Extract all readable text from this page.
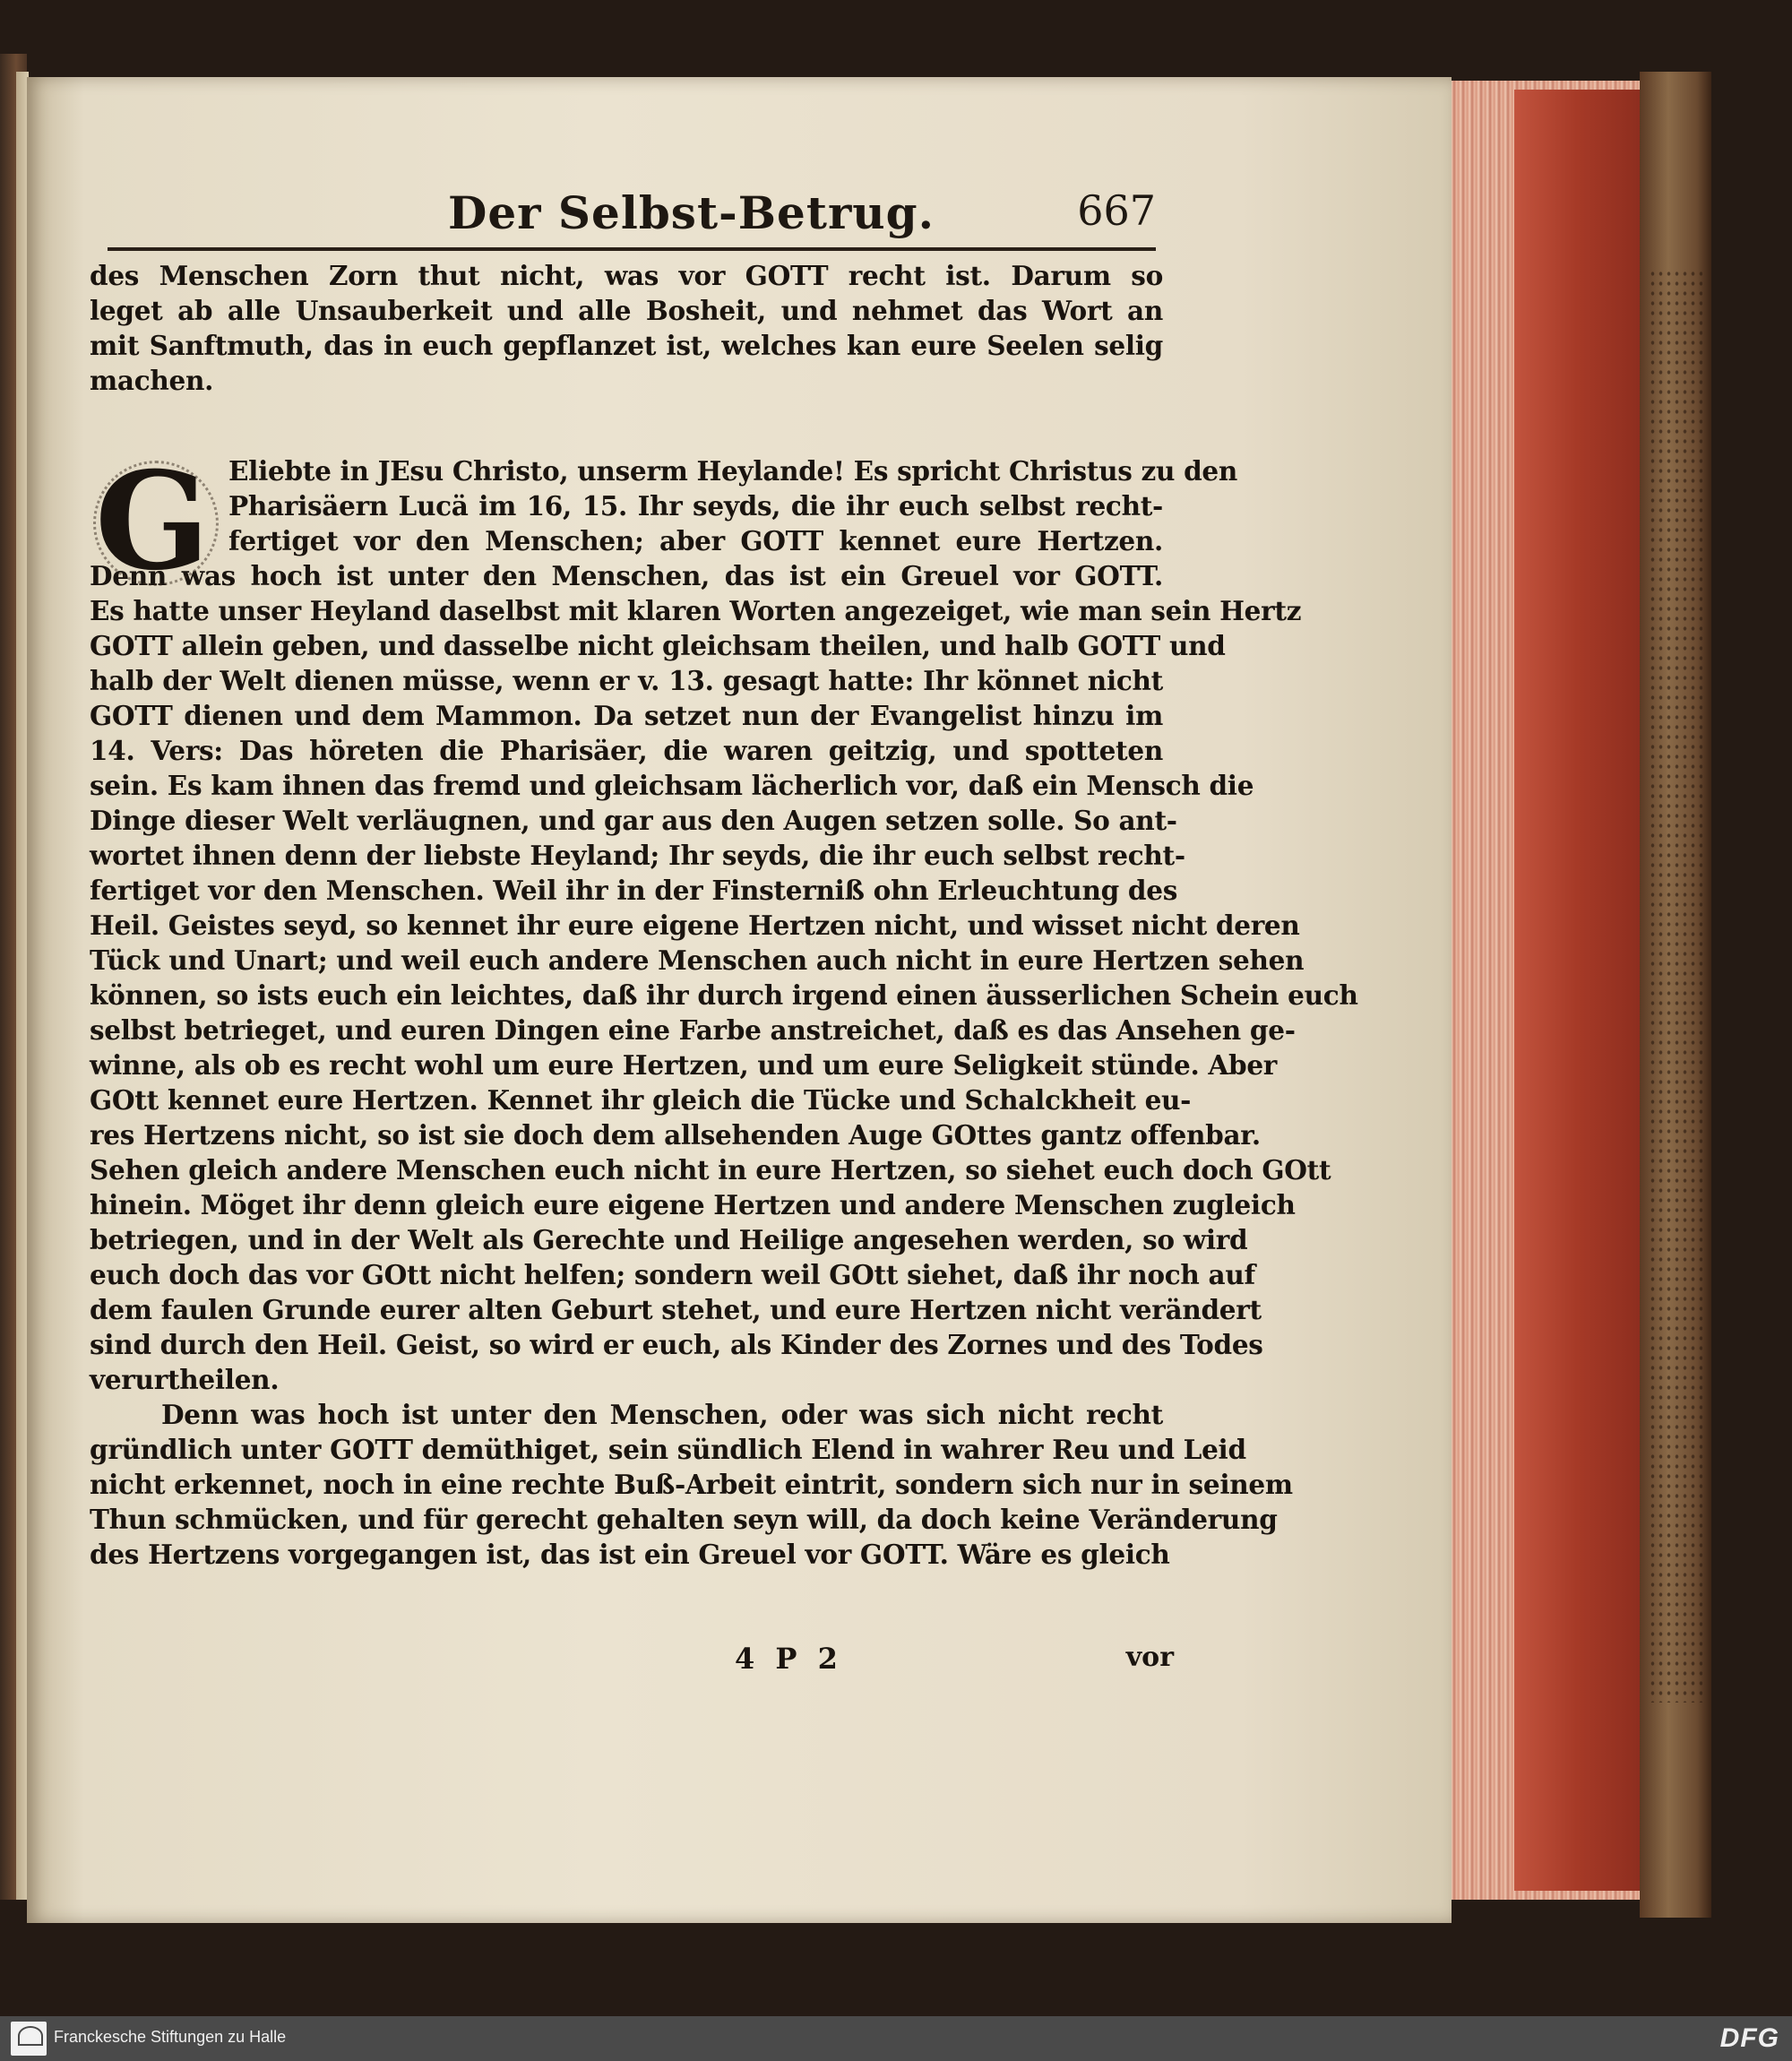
Der Selbst-Betrug.	667
G
des Menschen Zorn thut nicht, was vor GOTT recht ist. Darum so
leget ab alle Unsauberkeit und alle Bosheit, und nehmet das Wort an
mit Sanftmuth, das in euch gepflanzet ist, welches kan eure Seelen selig
machen.
Eliebte in JEsu Christo, unserm Heylande! Es spricht Christus zu den
Pharisäern Lucä im 16, 15. Ihr seyds, die ihr euch selbst recht-
fertiget vor den Menschen; aber GOTT kennet eure Hertzen.
Denn was hoch ist unter den Menschen, das ist ein Greuel vor GOTT.
Es hatte unser Heyland daselbst mit klaren Worten angezeiget, wie man sein Hertz
GOTT allein geben, und dasselbe nicht gleichsam theilen, und halb GOTT und
halb der Welt dienen müsse, wenn er v. 13. gesagt hatte: Ihr könnet nicht
GOTT dienen und dem Mammon. Da setzet nun der Evangelist hinzu im
14. Vers: Das höreten die Pharisäer, die waren geitzig, und spotteten
sein. Es kam ihnen das fremd und gleichsam lächerlich vor, daß ein Mensch die
Dinge dieser Welt verläugnen, und gar aus den Augen setzen solle. So ant-
wortet ihnen denn der liebste Heyland; Ihr seyds, die ihr euch selbst recht-
fertiget vor den Menschen. Weil ihr in der Finsterniß ohn Erleuchtung des
Heil. Geistes seyd, so kennet ihr eure eigene Hertzen nicht, und wisset nicht deren
Tück und Unart; und weil euch andere Menschen auch nicht in eure Hertzen sehen
können, so ists euch ein leichtes, daß ihr durch irgend einen äusserlichen Schein euch
selbst betrieget, und euren Dingen eine Farbe anstreichet, daß es das Ansehen ge-
winne, als ob es recht wohl um eure Hertzen, und um eure Seligkeit stünde. Aber
GOtt kennet eure Hertzen. Kennet ihr gleich die Tücke und Schalckheit eu-
res Hertzens nicht, so ist sie doch dem allsehenden Auge GOttes gantz offenbar.
Sehen gleich andere Menschen euch nicht in eure Hertzen, so siehet euch doch GOtt
hinein. Möget ihr denn gleich eure eigene Hertzen und andere Menschen zugleich
betriegen, und in der Welt als Gerechte und Heilige angesehen werden, so wird
euch doch das vor GOtt nicht helfen; sondern weil GOtt siehet, daß ihr noch auf
dem faulen Grunde eurer alten Geburt stehet, und eure Hertzen nicht verändert
sind durch den Heil. Geist, so wird er euch, als Kinder des Zornes und des Todes
verurtheilen.
Denn was hoch ist unter den Menschen, oder was sich nicht recht
gründlich unter GOTT demüthiget, sein sündlich Elend in wahrer Reu und Leid
nicht erkennet, noch in eine rechte Buß-Arbeit eintrit, sondern sich nur in seinem
Thun schmücken, und für gerecht gehalten seyn will, da doch keine Veränderung
des Hertzens vorgegangen ist, das ist ein Greuel vor GOTT. Wäre es gleich
4 P 2	vor
Franckesche Stiftungen zu Halle	DFG
